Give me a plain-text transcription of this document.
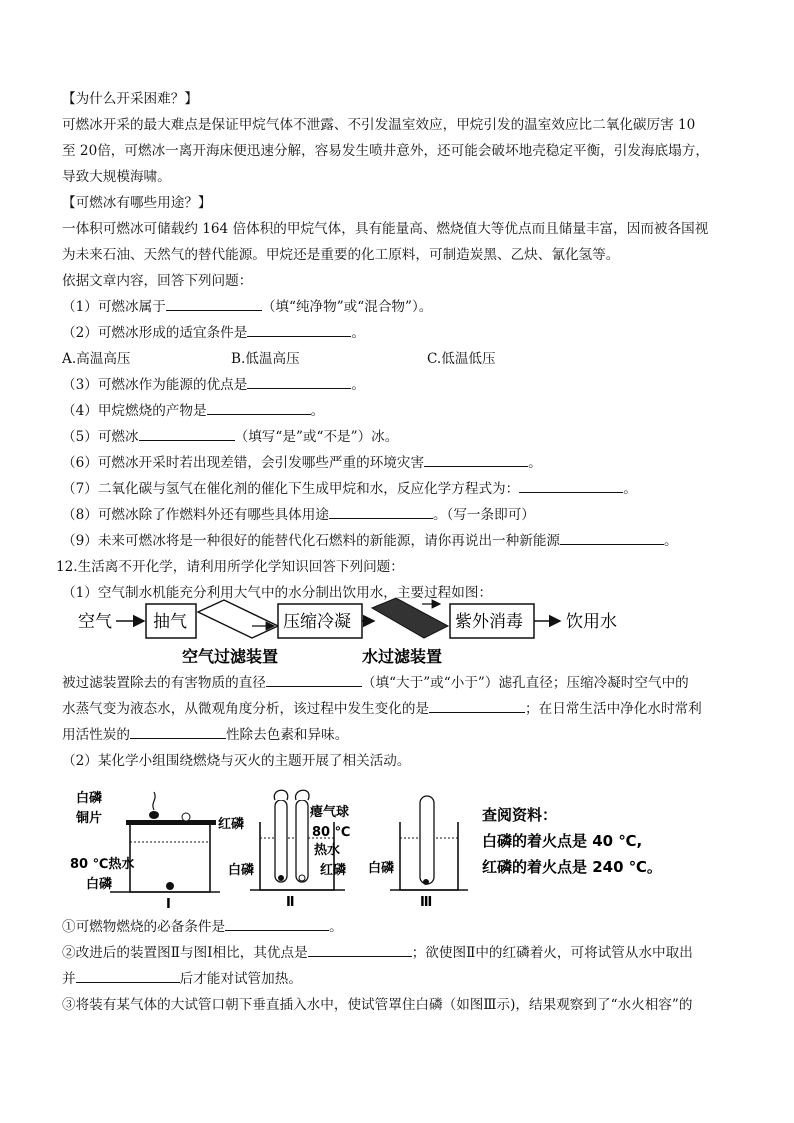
【为什么开采困难？】

可燃冰开采的最大难点是保证甲烷气体不泄露、不引发温室效应，甲烷引发的温室效应比二氧化碳厉害 10

至 20倍，可燃冰一离开海床便迅速分解，容易发生喷井意外，还可能会破坏地壳稳定平衡，引发海底塌方，

导致大规模海啸。

【可燃冰有哪些用途？】

一体积可燃冰可储载约 164 倍体积的甲烷气体，具有能量高、燃烧值大等优点而且储量丰富，因而被各国视

为未来石油、天然气的替代能源。甲烷还是重要的化工原料，可制造炭黑、乙炔、氰化氢等。

依据文章内容，回答下列问题：

（1）可燃冰属于	（填“纯净物”或“混合物”）。

（2）可燃冰形成的适宜条件是	。

A.高温高压	B.低温高压	C.低温低压

（3）可燃冰作为能源的优点是	。

（4）甲烷燃烧的产物是	。

（5）可燃冰	（填写“是”或“不是”）冰。

（6）可燃冰开采时若出现差错，会引发哪些严重的环境灾害	。

（7）二氧化碳与氢气在催化剂的催化下生成甲烷和水，反应化学方程式为：	。

（8）可燃冰除了作燃料外还有哪些具体用途	。（写一条即可）

（9）未来可燃冰将是一种很好的能替代化石燃料的新能源，请你再说出一种新能源	。

12.生活离不开化学，请利用所学化学知识回答下列问题：

（1）空气制水机能充分利用大气中的水分制出饮用水，主要过程如图：

空气 抽气	压缩冷凝	紫外消毒	饮用水
空气过滤装置	水过滤装置

被过滤装置除去的有害物质的直径	（填“大于”或“小于”）滤孔直径；压缩冷凝时空气中的

水蒸气变为液态水，从微观角度分析，该过程中发生变化的是	；在日常生活中净化水时常利

用活性炭的	性除去色素和异味。

（2）某化学小组围绕燃烧与灭火的主题开展了相关活动。

白磷
铜片	红磷
80 ℃热水
白磷
Ⅰ
瘪气球
80 ℃
热水
白磷	红磷
Ⅱ
白磷
Ⅲ
查阅资料：
白磷的着火点是 40 ℃,
红磷的着火点是 240 ℃。

①可燃物燃烧的必备条件是	。

②改进后的装置图Ⅱ与图Ⅰ相比，其优点是	；欲使图Ⅱ中的红磷着火，可将试管从水中取出

并	后才能对试管加热。

③将装有某气体的大试管口朝下垂直插入水中，使试管罩住白磷（如图Ⅲ示)，结果观察到了“水火相容”的
